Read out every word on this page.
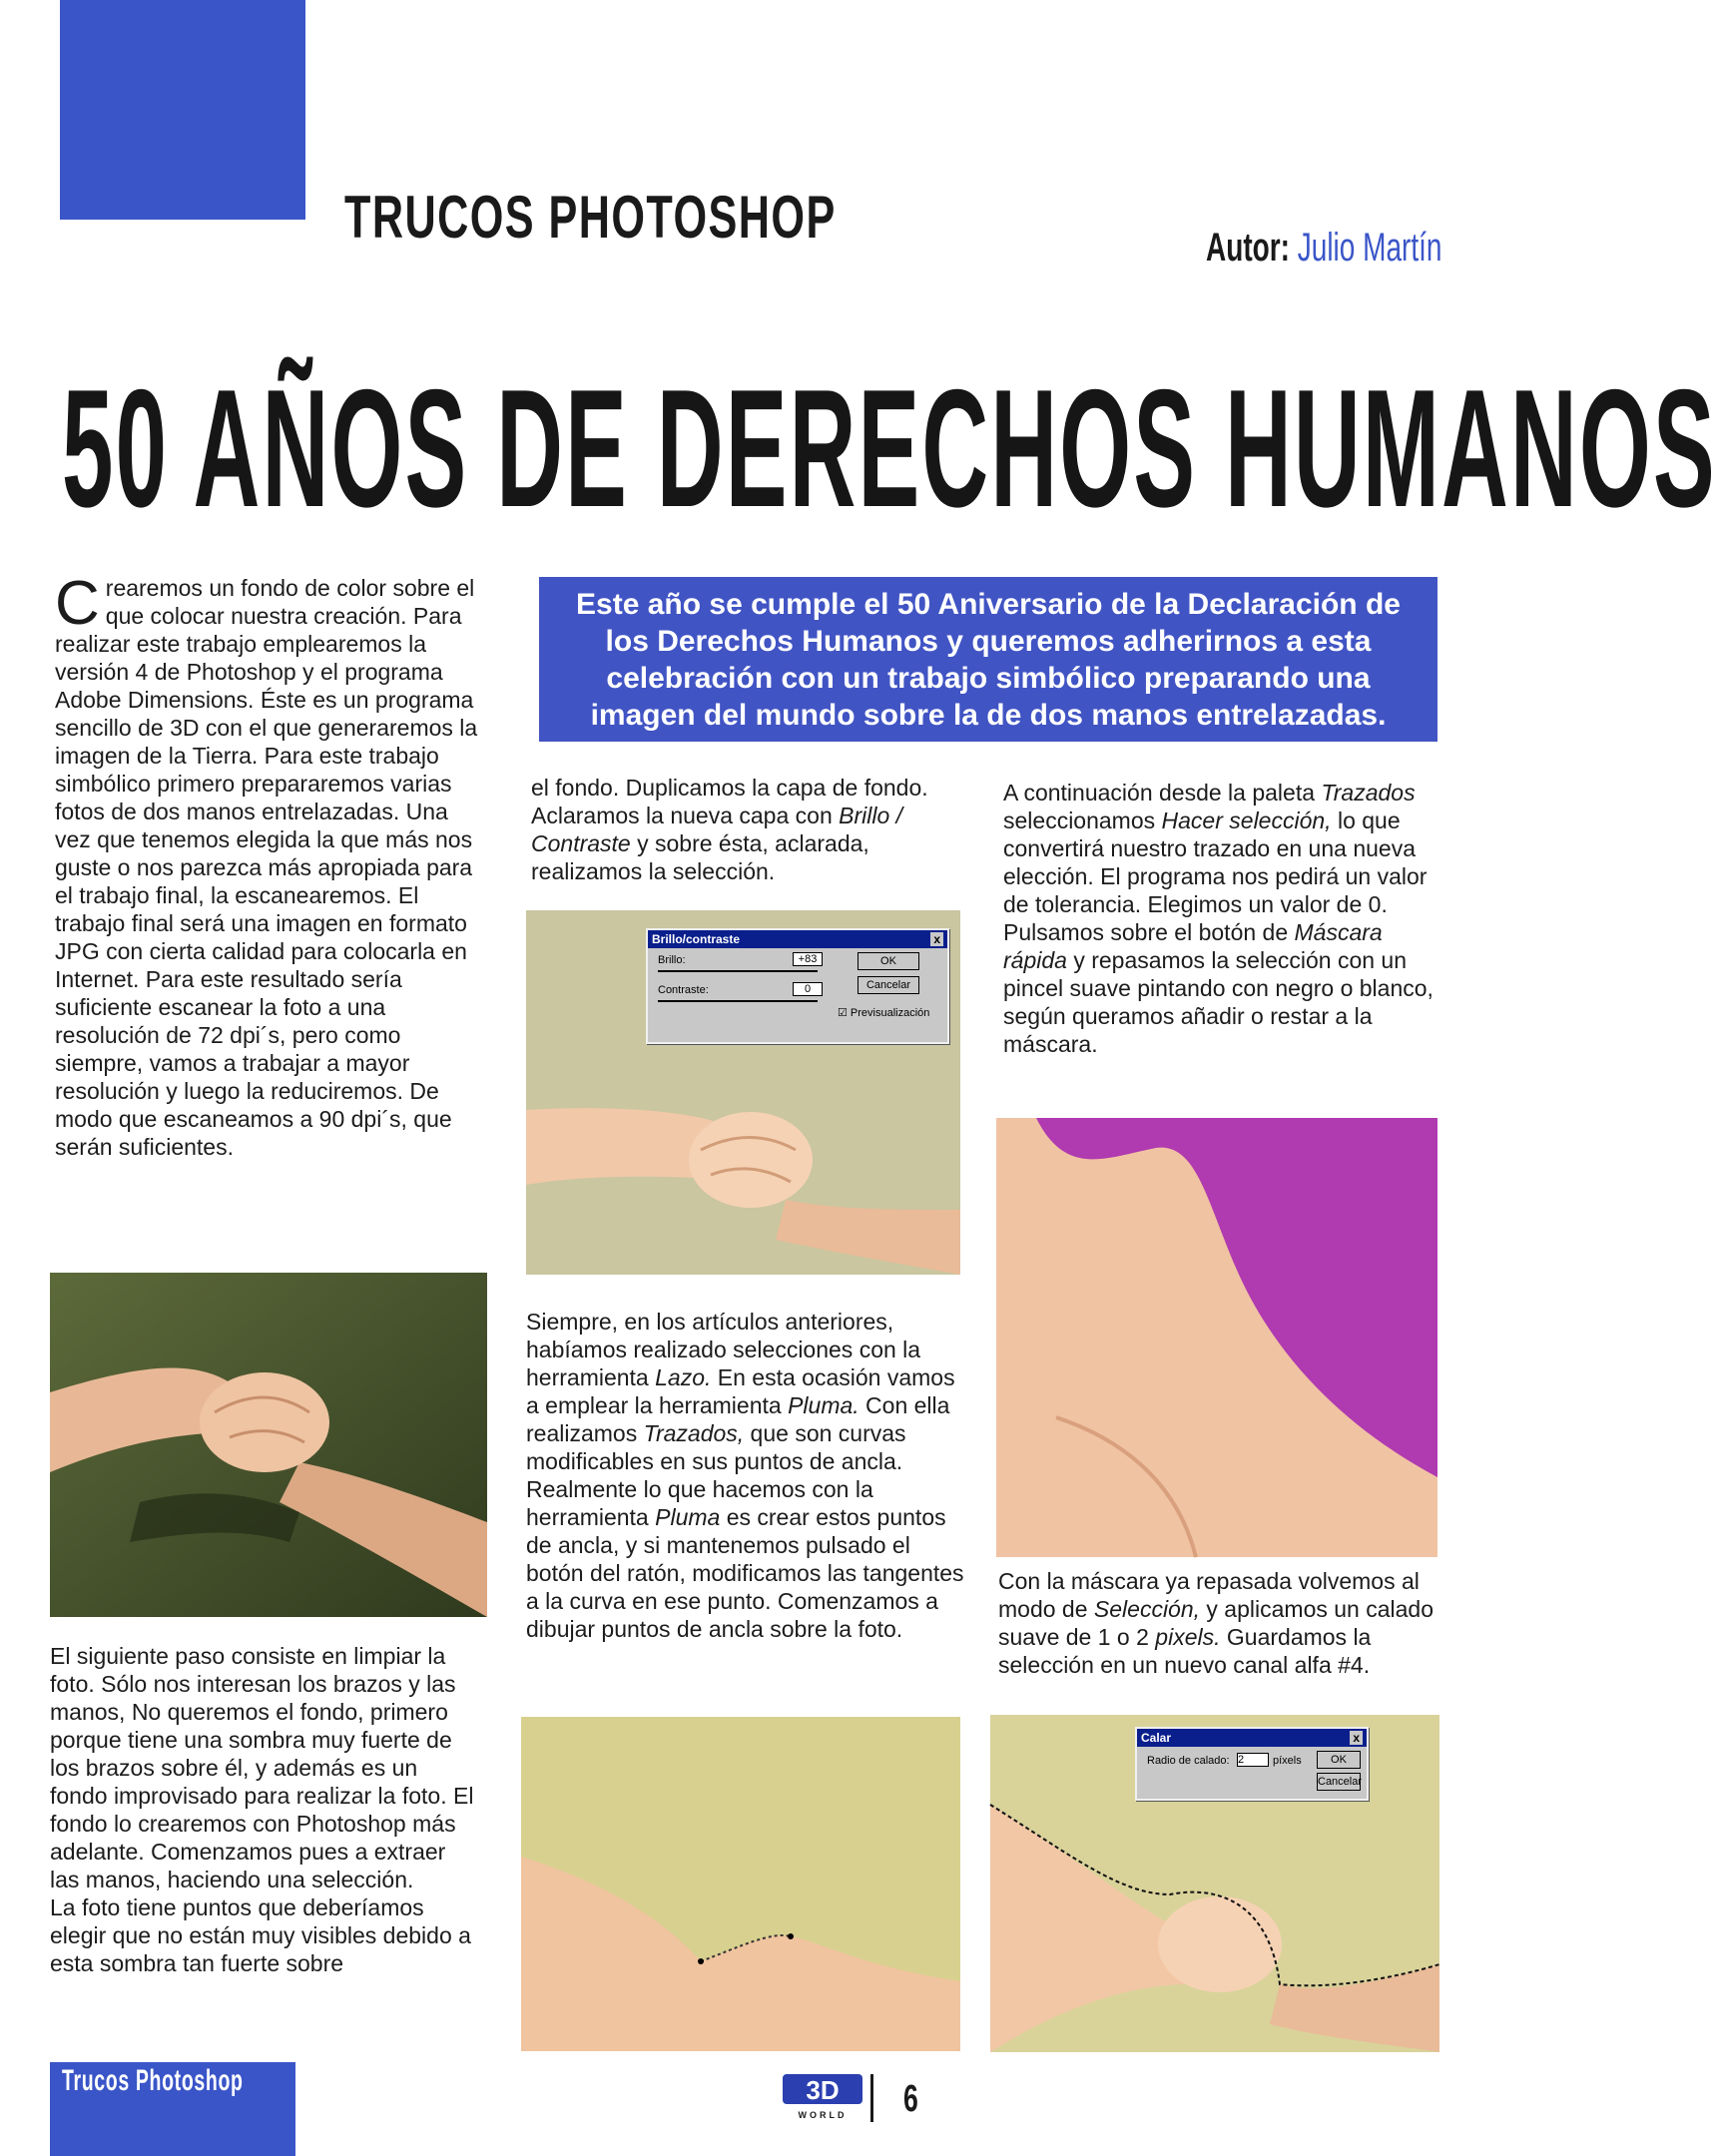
TRUCOS PHOTOSHOP	Autor: Julio Martín
50 AÑOS DE DERECHOS HUMANOS
C rearemos un fondo de color sobre el que colocar nuestra creación. Para realizar este trabajo emplearemos la versión 4 de Photoshop y el programa Adobe Dimensions. Éste es un programa sencillo de 3D con el que generaremos la imagen de la Tierra. Para este trabajo simbólico primero prepararemos varias fotos de dos manos entrelazadas. Una vez que tenemos elegida la que más nos guste o nos parezca más apropiada para el trabajo final, la escanearemos. El trabajo final será una imagen en formato JPG con cierta calidad para colocarla en Internet. Para este resultado sería suficiente escanear la foto a una resolución de 72 dpi´s, pero como siempre, vamos a trabajar a mayor resolución y luego la reduciremos. De modo que escaneamos a 90 dpi´s, que serán suficientes.

El siguiente paso consiste en limpiar la foto. Sólo nos interesan los brazos y las manos, No queremos el fondo, primero porque tiene una sombra muy fuerte de los brazos sobre él, y además es un fondo improvisado para realizar la foto. El fondo lo crearemos con Photoshop más adelante. Comenzamos pues a extraer las manos, haciendo una selección.

La foto tiene puntos que deberíamos elegir que no están muy visibles debido a esta sombra tan fuerte sobre

Este año se cumple el 50 Aniversario de la Declaración de los Derechos Humanos y queremos adherirnos a esta celebración con un trabajo simbólico preparando una imagen del mundo sobre la de dos manos entrelazadas.

el fondo. Duplicamos la capa de fondo. Aclaramos la nueva capa con Brillo / Contraste y sobre ésta, aclarada, realizamos la selección.

Brillo/contraste	x
Brillo:	+83
Contraste:	0
OK
Cancelar
☑ Previsualización

Siempre, en los artículos anteriores, habíamos realizado selecciones con la herramienta Lazo. En esta ocasión vamos a emplear la herramienta Pluma. Con ella realizamos Trazados, que son curvas modificables en sus puntos de ancla. Realmente lo que hacemos con la herramienta Pluma es crear estos puntos de ancla, y si mantenemos pulsado el botón del ratón, modificamos las tangentes a la curva en ese punto. Comenzamos a dibujar puntos de ancla sobre la foto.

A continuación desde la paleta Trazados seleccionamos Hacer selección, lo que convertirá nuestro trazado en una nueva elección. El programa nos pedirá un valor de tolerancia. Elegimos un valor de 0. Pulsamos sobre el botón de Máscara rápida y repasamos la selección con un pincel suave pintando con negro o blanco, según queramos añadir o restar a la máscara.

Con la máscara ya repasada volvemos al modo de Selección, y aplicamos un calado suave de 1 o 2 pixels. Guardamos la selección en un nuevo canal alfa #4.

Calar	x
Radio de calado: 2	píxels	OK
Cancelar
Trucos Photoshop	3D
WORLD 6
